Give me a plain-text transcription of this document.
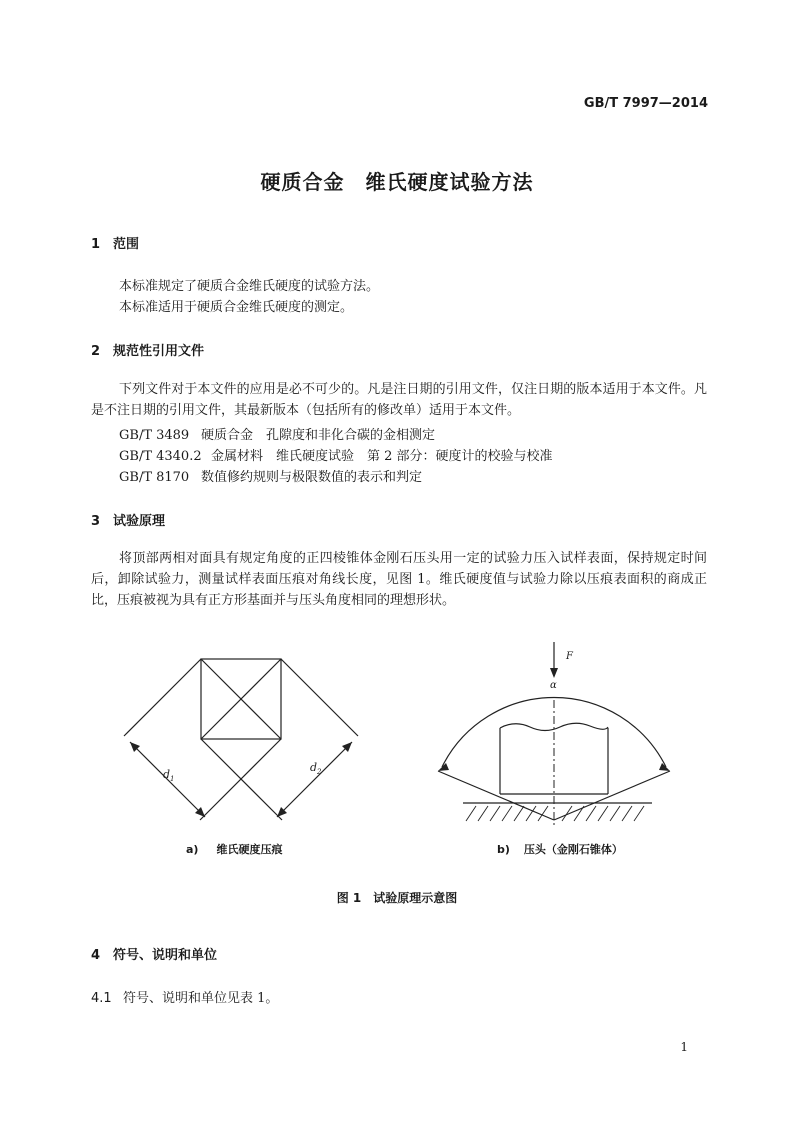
GB/T 7997—2014
硬质合金　维氏硬度试验方法
1 范围
本标准规定了硬质合金维氏硬度的试验方法。
本标准适用于硬质合金维氏硬度的测定。
2 规范性引用文件
下列文件对于本文件的应用是必不可少的。凡是注日期的引用文件，仅注日期的版本适用于本文件。凡是不注日期的引用文件，其最新版本（包括所有的修改单）适用于本文件。
GB/T 3489 硬质合金　孔隙度和非化合碳的金相测定
GB/T 4340.2 金属材料　维氏硬度试验　第 2 部分：硬度计的校验与校准
GB/T 8170 数值修约规则与极限数值的表示和判定
3 试验原理
将顶部两相对面具有规定角度的正四棱锥体金刚石压头用一定的试验力压入试样表面，保持规定时间后，卸除试验力，测量试样表面压痕对角线长度，见图 1。维氏硬度值与试验力除以压痕表面积的商成正比，压痕被视为具有正方形基面并与压头角度相同的理想形状。
$d_1$
$d_2$
F
α
a) 维氏硬度压痕	b) 压头（金刚石锥体）
图 1　试验原理示意图
4 符号、说明和单位
4.1 符号、说明和单位见表 1。
1
